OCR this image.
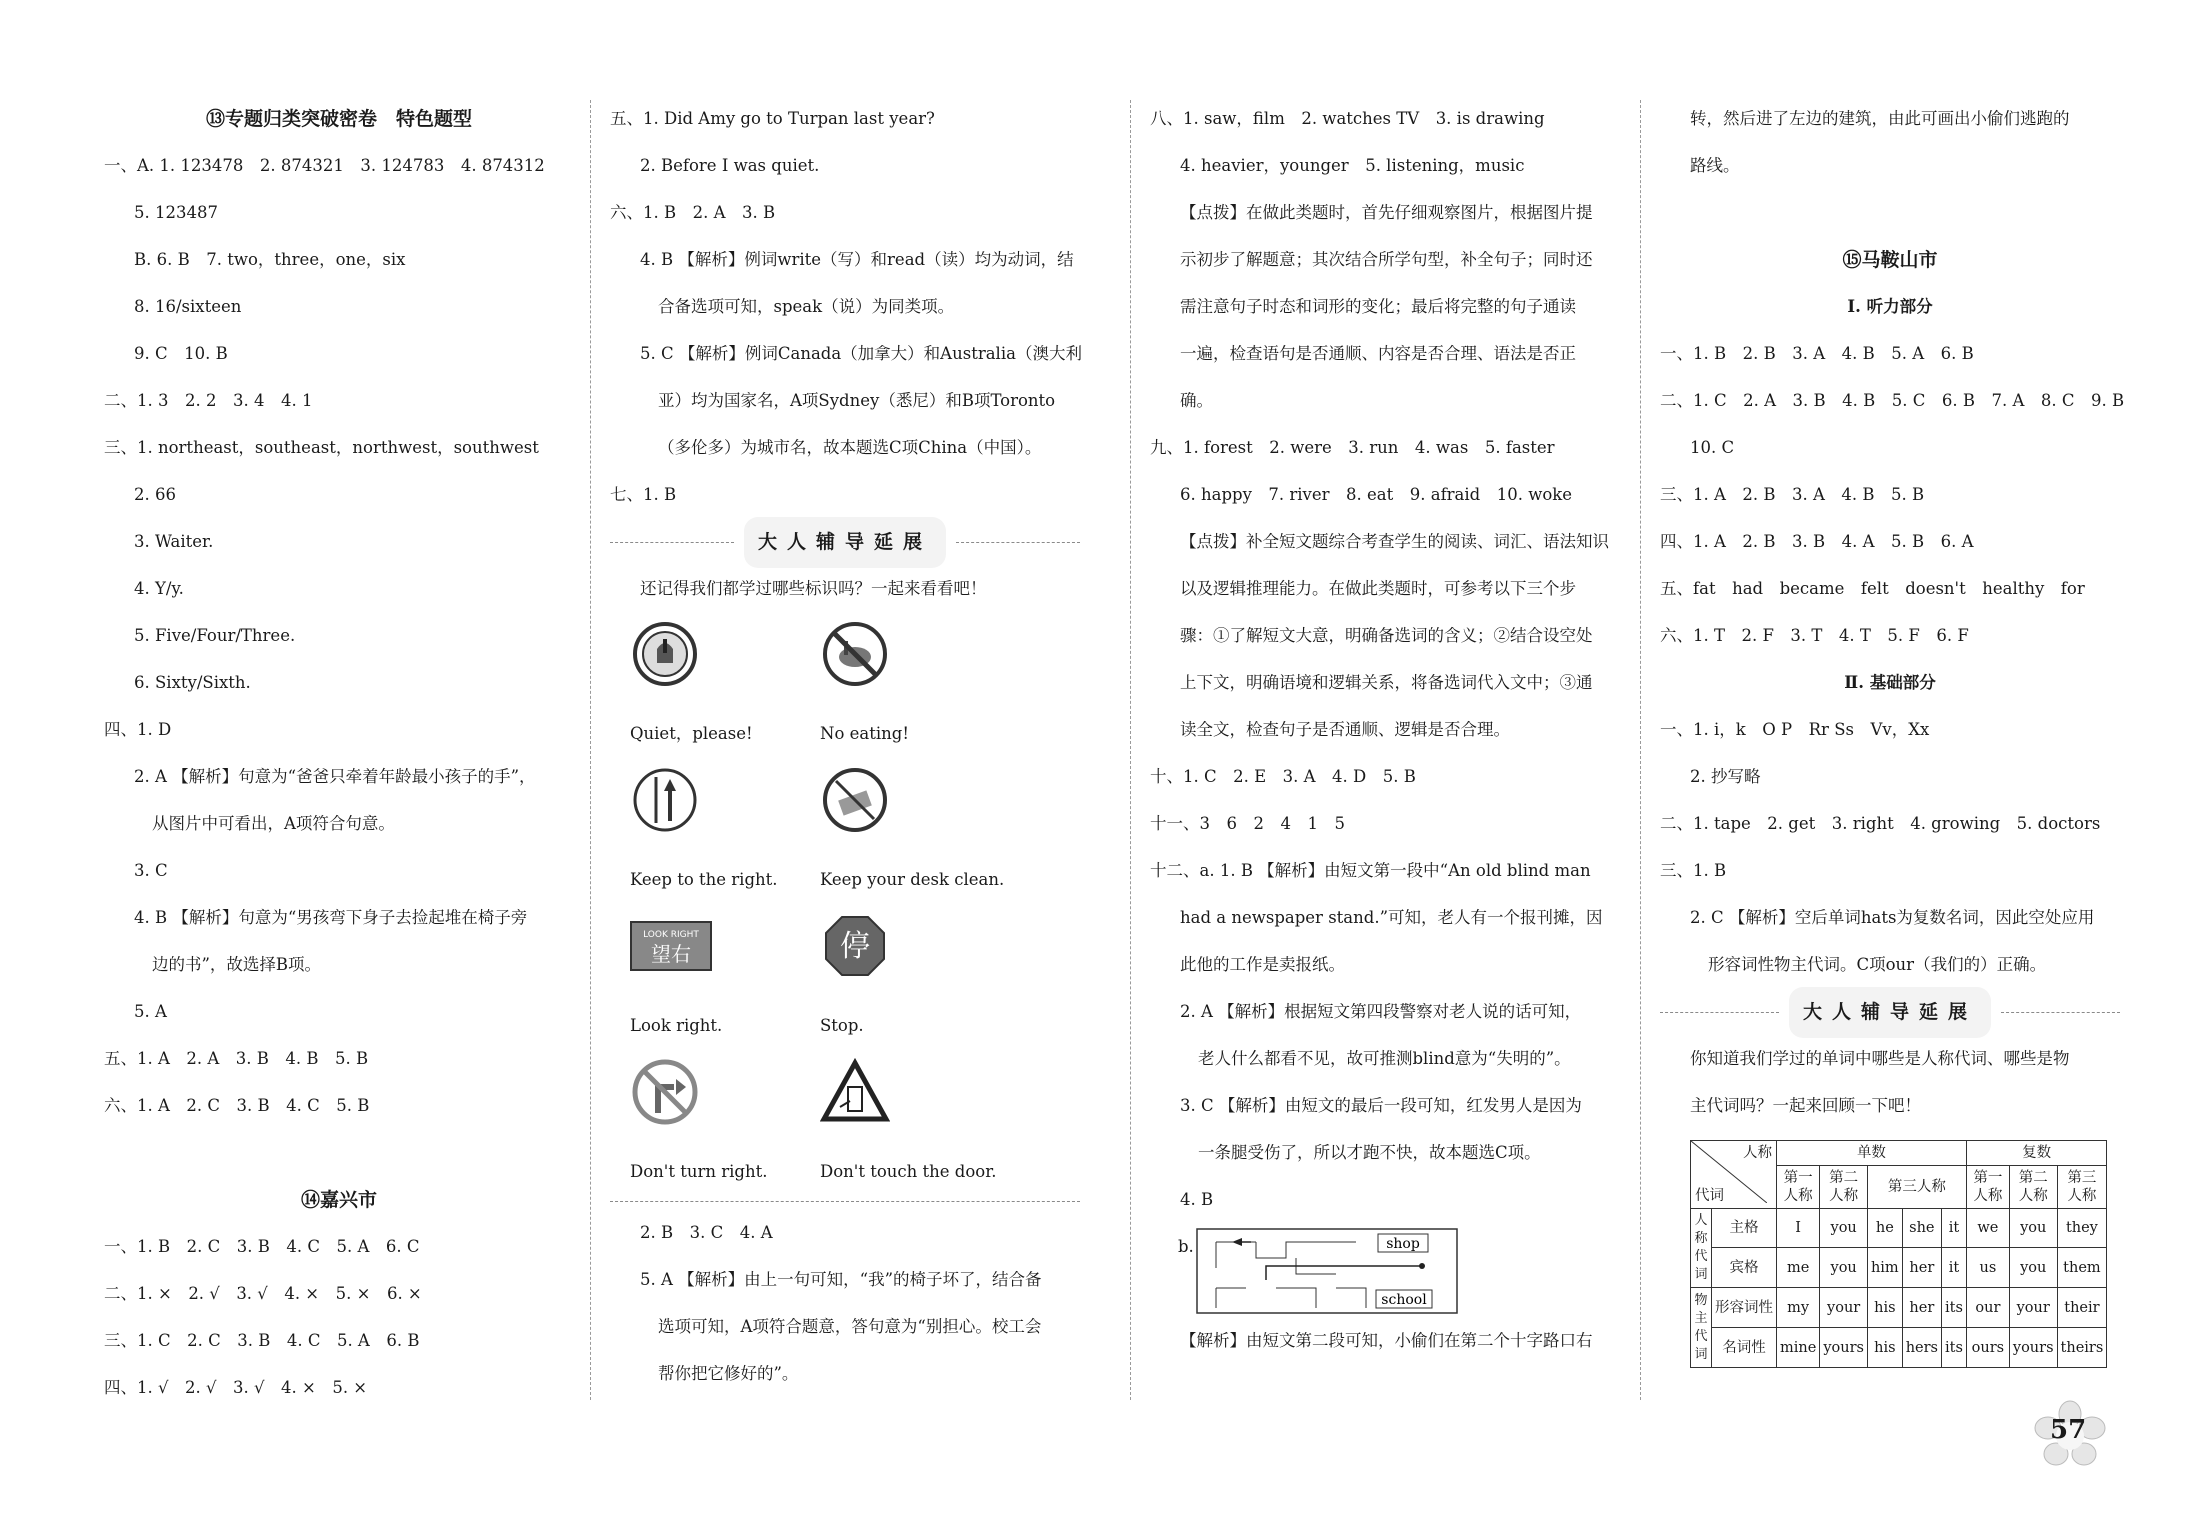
⑬专题归类突破密卷　特色题型
一、A. 1. 123478　2. 874321　3. 124783　4. 874312
5. 123487
B. 6. B　7. two，three，one，six
8. 16/sixteen
9. C　10. B
二、1. 3　2. 2　3. 4　4. 1
三、1. northeast，southeast，northwest，southwest
2. 66
3. Waiter.
4. Y/y.
5. Five/Four/Three.
6. Sixty/Sixth.
四、1. D
2. A 【解析】句意为“爸爸只牵着年龄最小孩子的手”，
从图片中可看出，A项符合句意。
3. C
4. B 【解析】句意为“男孩弯下身子去捡起堆在椅子旁
边的书”，故选择B项。
5. A
五、1. A　2. A　3. B　4. B　5. B
六、1. A　2. C　3. B　4. C　5. B
⑭嘉兴市
一、1. B　2. C　3. B　4. C　5. A　6. C
二、1. ×　2. √　3. √　4. ×　5. ×　6. ×
三、1. C　2. C　3. B　4. C　5. A　6. B
四、1. √　2. √　3. √　4. ×　5. ×
五、1. Did Amy go to Turpan last year?
2. Before I was quiet.
六、1. B　2. A　3. B
4. B 【解析】例词write（写）和read（读）均为动词，结
合备选项可知，speak（说）为同类项。
5. C 【解析】例词Canada（加拿大）和Australia（澳大利
亚）均为国家名，A项Sydney（悉尼）和B项Toronto
（多伦多）为城市名，故本题选C项China（中国）。
七、1. B
大人辅导延展
还记得我们都学过哪些标识吗？一起来看看吧！
Quiet，please!	No eating!
Keep to the right.	Keep your desk clean.
LOOK RIGHT
望右
Look right.
停
Stop.
Don't turn right.	Don't touch the door.
2. B　3. C　4. A
5. A 【解析】由上一句可知，“我”的椅子坏了，结合备
选项可知，A项符合题意，答句意为“别担心。校工会
帮你把它修好的”。
八、1. saw，film　2. watches TV　3. is drawing
4. heavier，younger　5. listening，music
【点拨】在做此类题时，首先仔细观察图片，根据图片提
示初步了解题意；其次结合所学句型，补全句子；同时还
需注意句子时态和词形的变化；最后将完整的句子通读
一遍，检查语句是否通顺、内容是否合理、语法是否正
确。
九、1. forest　2. were　3. run　4. was　5. faster
6. happy　7. river　8. eat　9. afraid　10. woke
【点拨】补全短文题综合考查学生的阅读、词汇、语法知识
以及逻辑推理能力。在做此类题时，可参考以下三个步
骤：①了解短文大意，明确备选词的含义；②结合设空处
上下文，明确语境和逻辑关系，将备选词代入文中；③通
读全文，检查句子是否通顺、逻辑是否合理。
十、1. C　2. E　3. A　4. D　5. B
十一、3　6　2　4　1　5
十二、a. 1. B 【解析】由短文第一段中“An old blind man
had a newspaper stand.”可知，老人有一个报刊摊，因
此他的工作是卖报纸。
2. A 【解析】根据短文第四段警察对老人说的话可知，
老人什么都看不见，故可推测blind意为“失明的”。
3. C 【解析】由短文的最后一段可知，红发男人是因为
一条腿受伤了，所以才跑不快，故本题选C项。
4. B
b.	shop
school
【解析】由短文第二段可知，小偷们在第二个十字路口右
转，然后进了左边的建筑，由此可画出小偷们逃跑的
路线。
⑮马鞍山市
Ⅰ. 听力部分
一、1. B　2. B　3. A　4. B　5. A　6. B
二、1. C　2. A　3. B　4. B　5. C　6. B　7. A　8. C　9. B
10. C
三、1. A　2. B　3. A　4. B　5. B
四、1. A　2. B　3. B　4. A　5. B　6. A
五、fat　had　became　felt　doesn't　healthy　for
六、1. T　2. F　3. T　4. T　5. F　6. F
Ⅱ. 基础部分
一、1. i，k　O P　Rr Ss　Vv，Xx
2. 抄写略
二、1. tape　2. get　3. right　4. growing　5. doctors
三、1. B
2. C 【解析】空后单词hats为复数名词，因此空处应用
形容词性物主代词。C项our（我们的）正确。
大人辅导延展
你知道我们学过的单词中哪些是人称代词、哪些是物
主代词吗？一起来回顾一下吧！
人称
代词		单数					复数		
		第一人称	第二人称	第三人称			第一人称	第二人称	第三人称
人称代词	主格	I	you	he	she	it	we	you	they
	宾格	me	you	him	her	it	us	you	them
物主代词	形容词性	my	your	his	her	its	our	your	their
	名词性	mine	yours	his	hers	its	ours	yours	theirs
57
